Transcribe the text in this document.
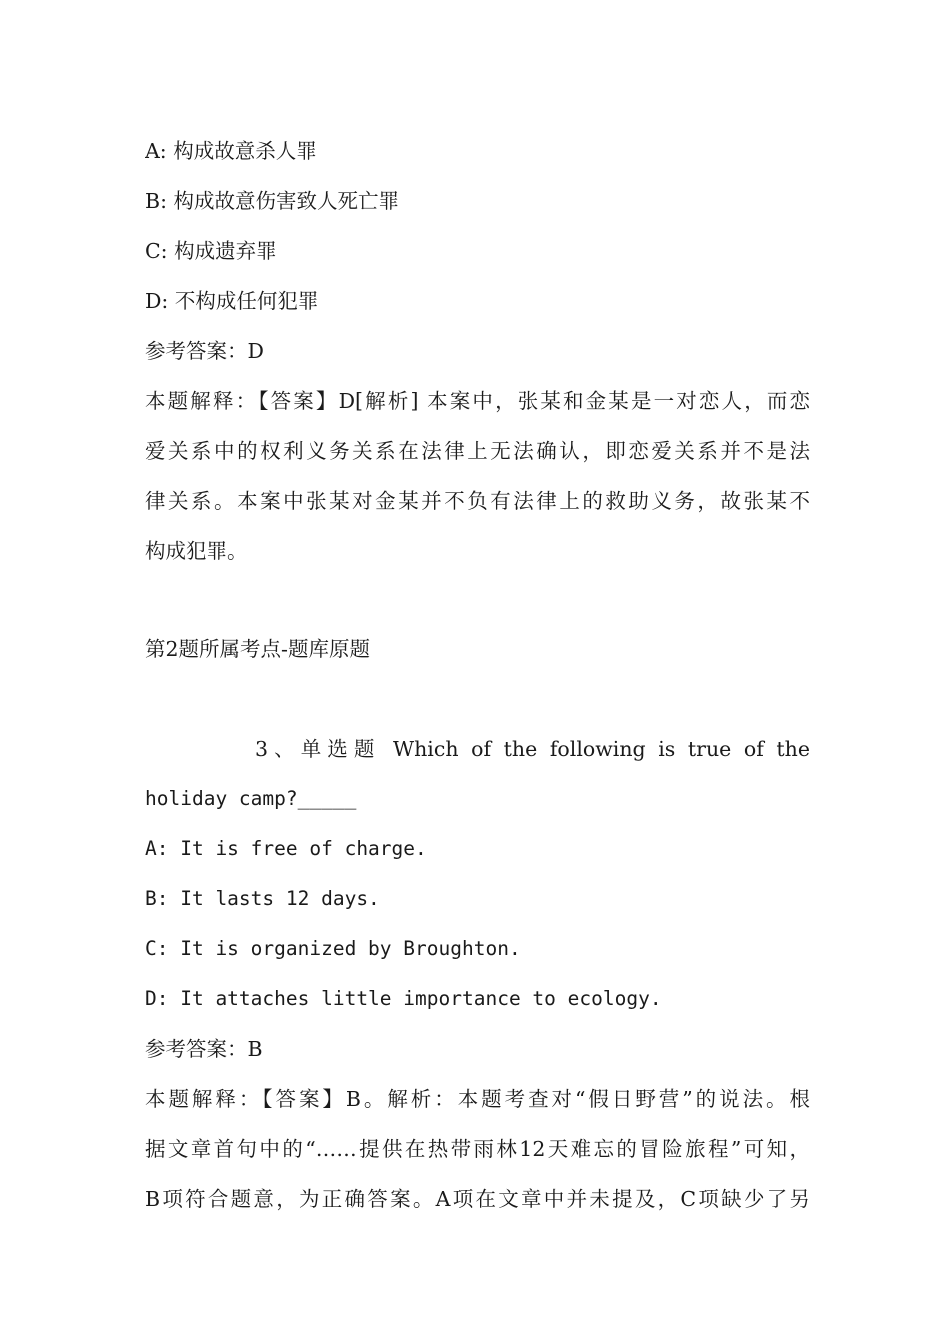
A: 构成故意杀人罪
B: 构成故意伤害致人死亡罪
C: 构成遗弃罪
D: 不构成任何犯罪
参考答案：D
本题解释：【答案】D[解析] 本案中，张某和金某是一对恋人，而恋
爱关系中的权利义务关系在法律上无法确认，即恋爱关系并不是法
律关系。本案中张某对金某并不负有法律上的救助义务，故张某不
构成犯罪。
第2题所属考点-题库原题
3、单选题 Which of the following is true of the
holiday camp?_____
A: It is free of charge.
B: It lasts 12 days.
C: It is organized by Broughton.
D: It attaches little importance to ecology.
参考答案：B
本题解释：【答案】B。解析：本题考查对“假日野营”的说法。根
据文章首句中的“……提供在热带雨林12天难忘的冒险旅程”可知，
B项符合题意，为正确答案。A项在文章中并未提及，C项缺少了另
